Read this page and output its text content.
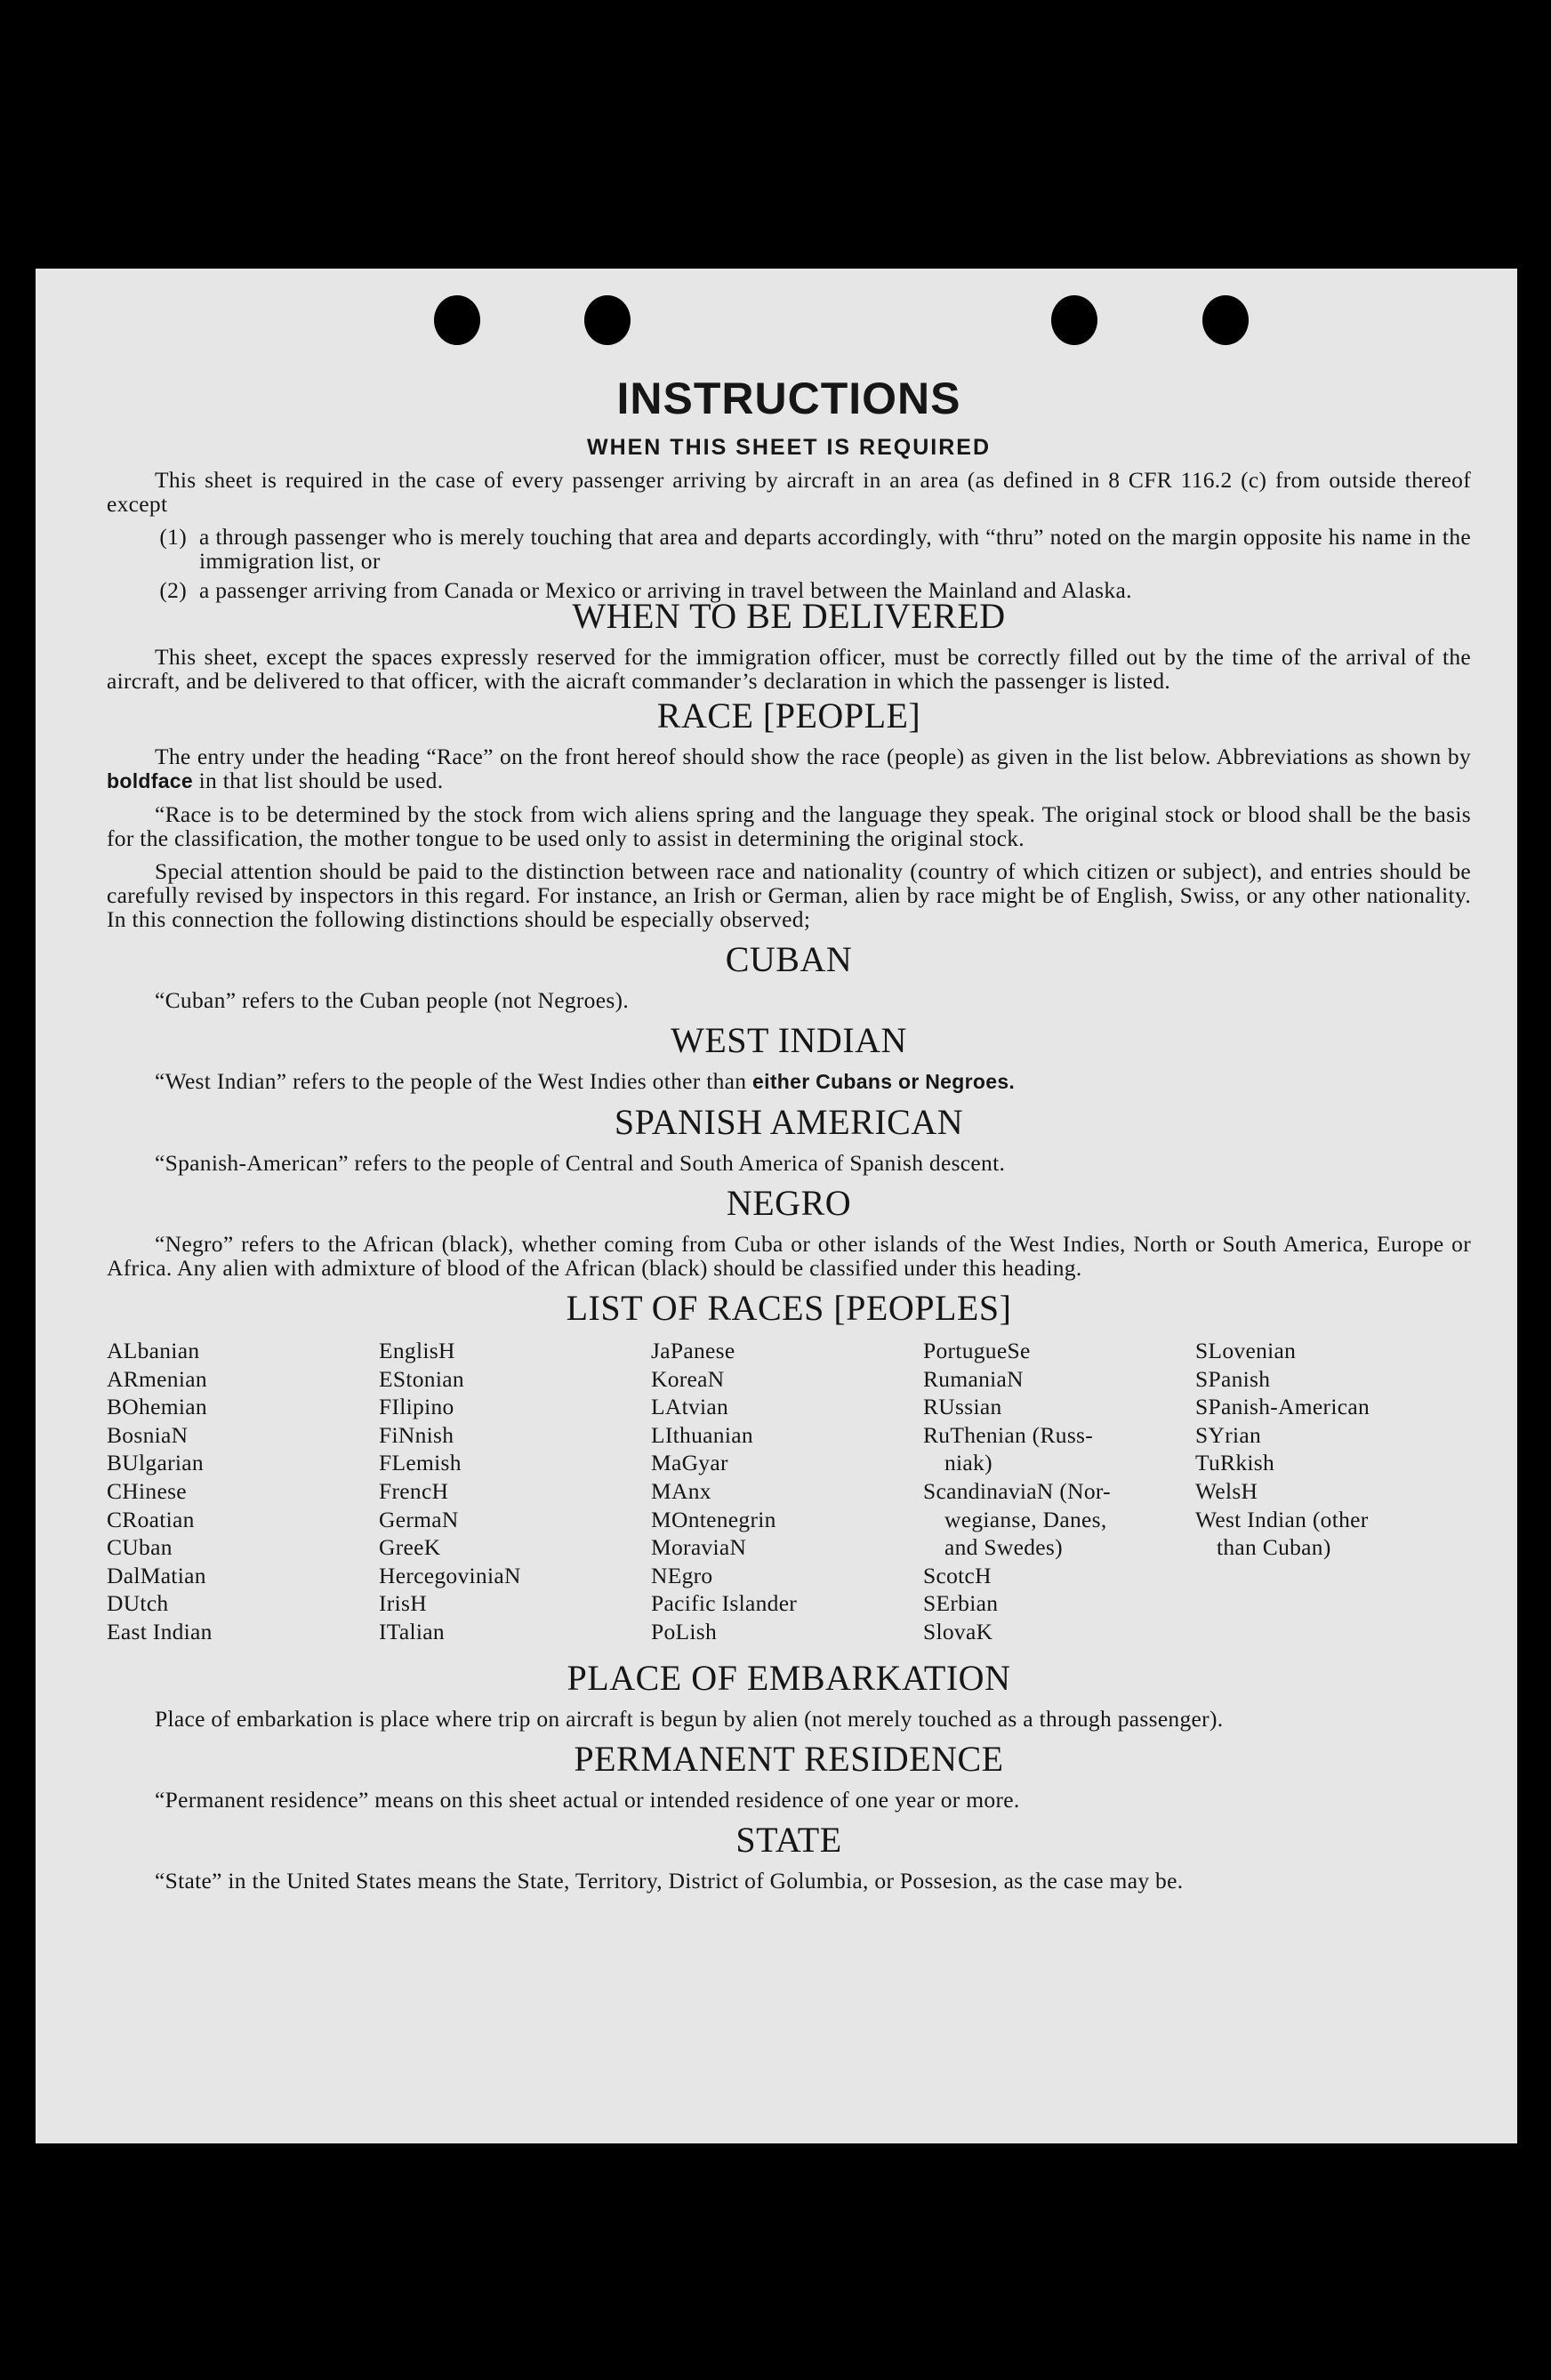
INSTRUCTIONS
WHEN THIS SHEET IS REQUIRED

This sheet is required in the case of every passenger arriving by aircraft in an area (as defined in 8 CFR 116.2 (c) from outside thereof except

(1) a through passenger who is merely touching that area and departs accordingly, with “thru” noted on the margin opposite his name in the immigration list, or
(2) a passenger arriving from Canada or Mexico or arriving in travel between the Mainland and Alaska.
WHEN TO BE DELIVERED

This sheet, except the spaces expressly reserved for the immigration officer, must be correctly filled out by the time of the arrival of the aircraft, and be delivered to that officer, with the aicraft commander’s declaration in which the passenger is listed.

RACE [PEOPLE]

The entry under the heading “Race” on the front hereof should show the race (people) as given in the list below. Abbreviations as shown by boldface in that list should be used.

“Race is to be determined by the stock from wich aliens spring and the language they speak. The original stock or blood shall be the basis for the classification, the mother tongue to be used only to assist in determining the original stock.

Special attention should be paid to the distinction between race and nationality (country of which citizen or subject), and entries should be carefully revised by inspectors in this regard. For instance, an Irish or German, alien by race might be of English, Swiss, or any other nationality. In this connection the following distinctions should be especially observed;

CUBAN

“Cuban” refers to the Cuban people (not Negroes).

WEST INDIAN

“West Indian” refers to the people of the West Indies other than either Cubans or Negroes.

SPANISH AMERICAN

“Spanish-American” refers to the people of Central and South America of Spanish descent.

NEGRO

“Negro” refers to the African (black), whether coming from Cuba or other islands of the West Indies, North or South America, Europe or Africa. Any alien with admixture of blood of the African (black) should be classified under this heading.

LIST OF RACES [PEOPLES]
ALbanian
ARmenian
BOhemian
BosniaN
BUlgarian
CHinese
CRoatian
CUban
DalMatian
DUtch
East Indian
EnglisH
EStonian
FIlipino
FiNnish
FLemish
FrencH
GermaN
GreeK
HercegoviniaN
IrisH
ITalian
JaPanese
KoreaN
LAtvian
LIthuanian
MaGyar
MAnx
MOntenegrin
MoraviaN
NEgro
Pacific Islander
PoLish
PortugueSe
RumaniaN
RUssian
RuThenian (Russ-
niak)
ScandinaviaN (Nor-
wegianse, Danes,
and Swedes)
ScotcH
SErbian
SlovaK
SLovenian
SPanish
SPanish-American
SYrian
TuRkish
WelsH
West Indian (other
than Cuban)
PLACE OF EMBARKATION

Place of embarkation is place where trip on aircraft is begun by alien (not merely touched as a through passenger).

PERMANENT RESIDENCE

“Permanent residence” means on this sheet actual or intended residence of one year or more.

STATE

“State” in the United States means the State, Territory, District of Golumbia, or Possesion, as the case may be.
